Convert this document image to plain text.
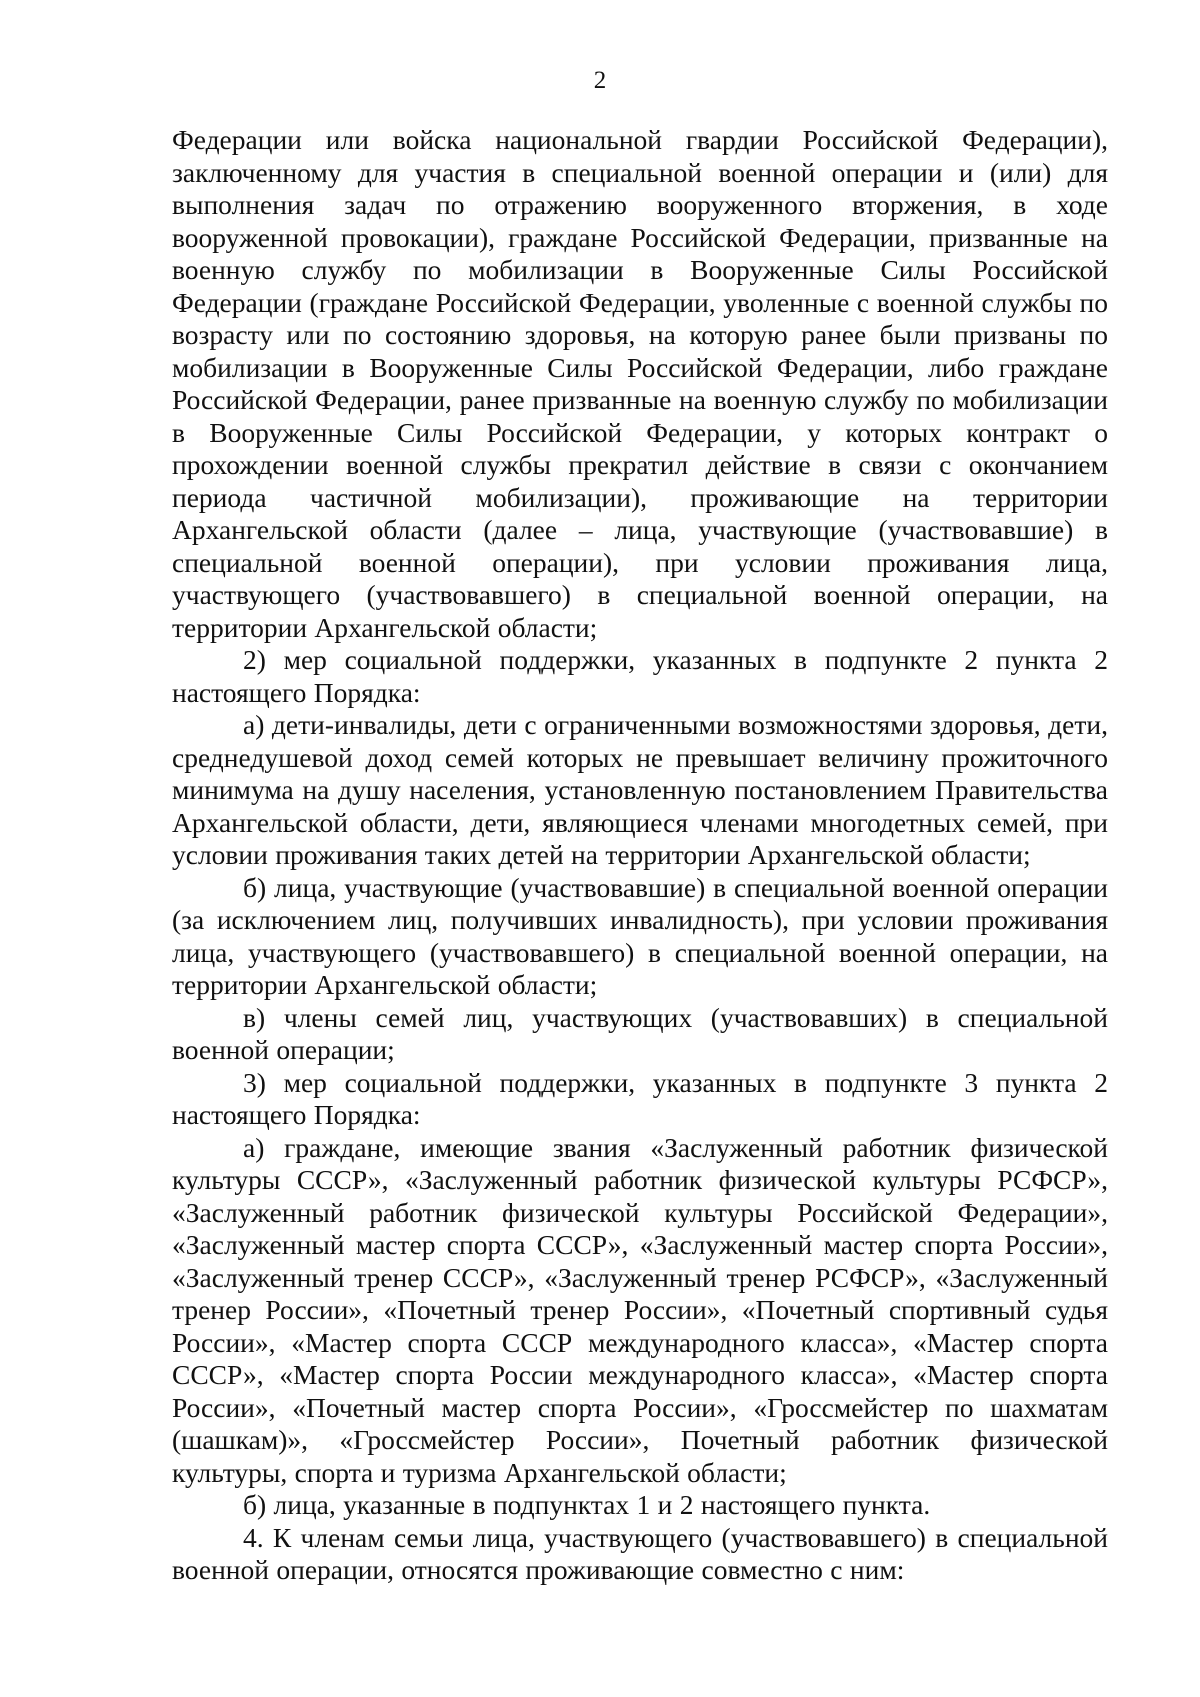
2

Федерации или войска национальной гвардии Российской Федерации), заключенному для участия в специальной военной операции и (или) для выполнения задач по отражению вооруженного вторжения, в ходе вооруженной провокации), граждане Российской Федерации, призванные на военную службу по мобилизации в Вооруженные Силы Российской Федерации (граждане Российской Федерации, уволенные с военной службы по возрасту или по состоянию здоровья, на которую ранее были призваны по мобилизации в Вооруженные Силы Российской Федерации, либо граждане Российской Федерации, ранее призванные на военную службу по мобилизации в Вооруженные Силы Российской Федерации, у которых контракт о прохождении военной службы прекратил действие в связи с окончанием периода частичной мобилизации), проживающие на территории Архангельской области (далее – лица, участвующие (участвовавшие) в специальной военной операции), при условии проживания лица, участвующего (участвовавшего) в специальной военной операции, на территории Архангельской области;

2) мер социальной поддержки, указанных в подпункте 2 пункта 2 настоящего Порядка:

а) дети-инвалиды, дети с ограниченными возможностями здоровья, дети, среднедушевой доход семей которых не превышает величину прожиточного минимума на душу населения, установленную постановлением Правительства Архангельской области, дети, являющиеся членами многодетных семей, при условии проживания таких детей на территории Архангельской области;

б) лица, участвующие (участвовавшие) в специальной военной операции (за исключением лиц, получивших инвалидность), при условии проживания лица, участвующего (участвовавшего) в специальной военной операции, на территории Архангельской области;

в) члены семей лиц, участвующих (участвовавших) в специальной военной операции;

3) мер социальной поддержки, указанных в подпункте 3 пункта 2 настоящего Порядка:

а) граждане, имеющие звания «Заслуженный работник физической культуры СССР», «Заслуженный работник физической культуры РСФСР», «Заслуженный работник физической культуры Российской Федерации», «Заслуженный мастер спорта СССР», «Заслуженный мастер спорта России», «Заслуженный тренер СССР», «Заслуженный тренер РСФСР», «Заслуженный тренер России», «Почетный тренер России», «Почетный спортивный судья России», «Мастер спорта СССР международного класса», «Мастер спорта СССР», «Мастер спорта России международного класса», «Мастер спорта России», «Почетный мастер спорта России», «Гроссмейстер по шахматам (шашкам)», «Гроссмейстер России», Почетный работник физической культуры, спорта и туризма Архангельской области;

б) лица, указанные в подпунктах 1 и 2 настоящего пункта.

4. К членам семьи лица, участвующего (участвовавшего) в специальной военной операции, относятся проживающие совместно с ним:
